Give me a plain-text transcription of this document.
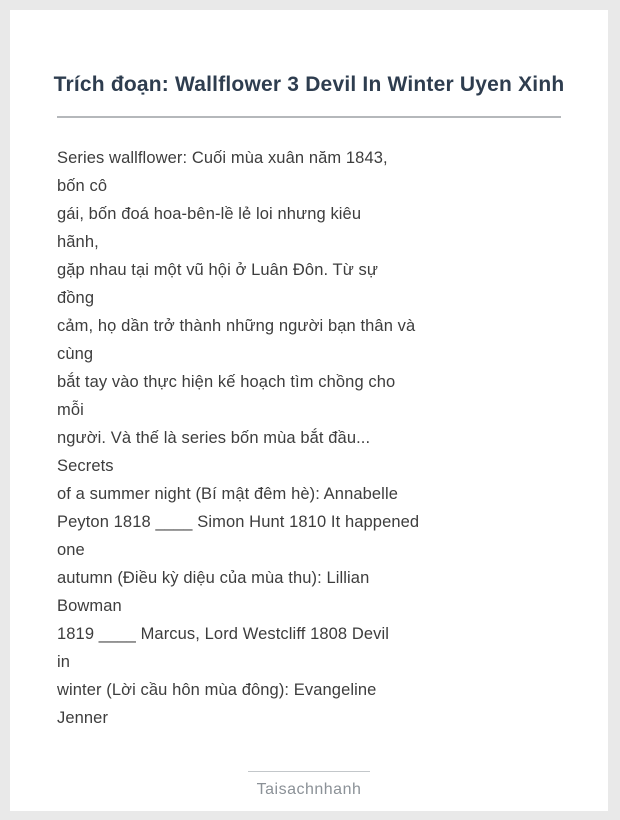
Trích đoạn: Wallflower 3 Devil In Winter Uyen Xinh
Series wallflower: Cuối mùa xuân năm 1843,
bốn cô
gái, bốn đoá hoa-bên-lề lẻ loi nhưng kiêu
hãnh,
gặp nhau tại một vũ hội ở Luân Đôn. Từ sự
đồng
cảm, họ dần trở thành những người bạn thân và
cùng
bắt tay vào thực hiện kế hoạch tìm chồng cho
mỗi
người. Và thế là series bốn mùa bắt đầu...
Secrets
of a summer night (Bí mật đêm hè): Annabelle
Peyton 1818 ____ Simon Hunt 1810 It happened
one
autumn (Điều kỳ diệu của mùa thu): Lillian
Bowman
1819 ____ Marcus, Lord Westcliff 1808 Devil
in
winter (Lời cầu hôn mùa đông): Evangeline
Jenner
Taisachnhanh
